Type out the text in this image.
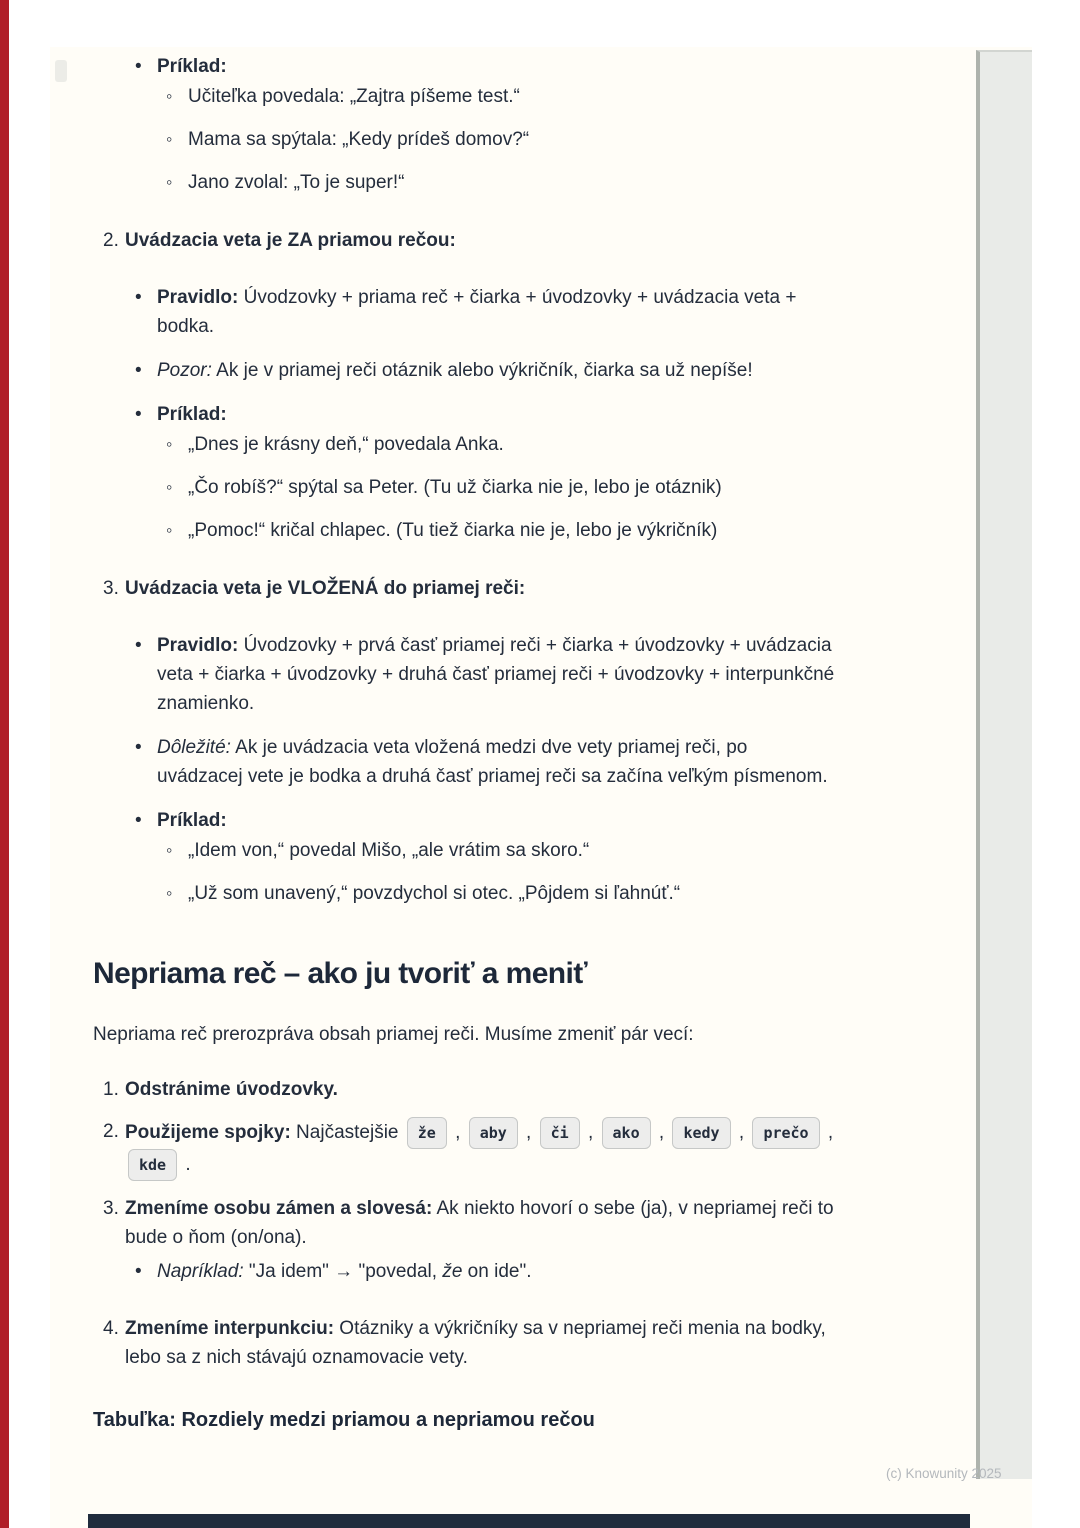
• Príklad:
◦ Učiteľka povedala: „Zajtra píšeme test.“
◦ Mama sa spýtala: „Kedy prídeš domov?“
◦ Jano zvolal: „To je super!“
2. Uvádzacia veta je ZA priamou rečou:
• Pravidlo: Úvodzovky + priama reč + čiarka + úvodzovky + uvádzacia veta + bodka.
• Pozor: Ak je v priamej reči otáznik alebo výkričník, čiarka sa už nepíše!
• Príklad:
◦ „Dnes je krásny deň,“ povedala Anka.
◦ „Čo robíš?“ spýtal sa Peter. (Tu už čiarka nie je, lebo je otáznik)
◦ „Pomoc!“ kričal chlapec. (Tu tiež čiarka nie je, lebo je výkričník)
3. Uvádzacia veta je VLOŽENÁ do priamej reči:
• Pravidlo: Úvodzovky + prvá časť priamej reči + čiarka + úvodzovky + uvádzacia veta + čiarka + úvodzovky + druhá časť priamej reči + úvodzovky + interpunkčné znamienko.
• Dôležité: Ak je uvádzacia veta vložená medzi dve vety priamej reči, po uvádzacej vete je bodka a druhá časť priamej reči sa začína veľkým písmenom.
• Príklad:
◦ „Idem von,“ povedal Mišo, „ale vrátim sa skoro.“
◦ „Už som unavený,“ povzdychol si otec. „Pôjdem si ľahnúť.“
Nepriama reč – ako ju tvoriť a meniť
Nepriama reč prerozpráva obsah priamej reči. Musíme zmeniť pár vecí:
1. Odstránime úvodzovky.
2. Použijeme spojky: Najčastejšie že , aby , či , ako , kedy , prečo , kde .
3. Zmeníme osobu zámen a slovesá: Ak niekto hovorí o sebe (ja), v nepriamej reči to bude o ňom (on/ona).
• Napríklad: "Ja idem" → "povedal, že on ide".
4. Zmeníme interpunkciu: Otázniky a výkričníky sa v nepriamej reči menia na bodky, lebo sa z nich stávajú oznamovacie vety.
Tabuľka: Rozdiely medzi priamou a nepriamou rečou
(c) Knowunity 2025
